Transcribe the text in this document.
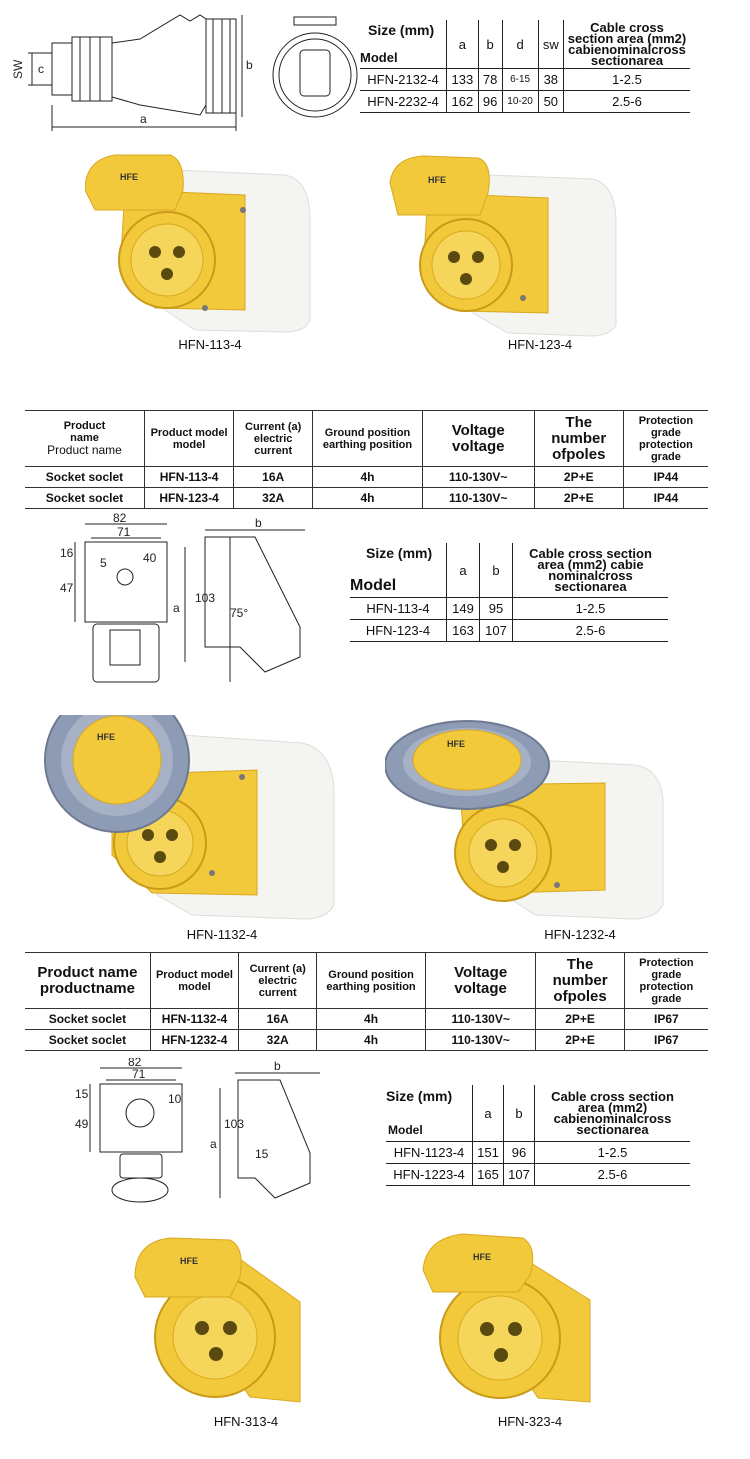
SW c
a
b
Size (mm)
Model	a	b	d	sw	Cable cross section area (mm2) cabienominalcross sectionarea
HFN-2132-4	133	78	6-15	38	1-2.5
HFN-2232-4	162	96	10-20	50	2.5-6
HFE
HFN-113-4
HFE
HFN-123-4
Product
name
Product name	Product model model	Current (a) electric current	Ground position earthing position	Voltage voltage	The number ofpoles	Protection grade protection grade
Socket soclet	HFN-113-4	16A	4h	110-130V~	2P+E	IP44
Socket soclet	HFN-123-4	32A	4h	110-130V~	2P+E	IP44
82
71
16
47
5	40
b
a
103
75°
Size (mm)
Model	a	b	Cable cross section area (mm2) cabie nominalcross sectionarea
HFN-113-4	149	95	1-2.5
HFN-123-4	163	107	2.5-6
HFE
HFN-1132-4
HFE
HFN-1232-4
Product name productname	Product model model	Current (a) electric current	Ground position earthing position	Voltage voltage	The number ofpoles	Protection grade protection grade
Socket soclet	HFN-1132-4	16A	4h	110-130V~	2P+E	IP67
Socket soclet	HFN-1232-4	32A	4h	110-130V~	2P+E	IP67
82
71
15
49
10
b
a
103
15
Size (mm)
Model	a	b	Cable cross section area (mm2) cabienominalcross sectionarea
HFN-1123-4	151	96	1-2.5
HFN-1223-4	165	107	2.5-6
HFE
HFN-313-4
HFE
HFN-323-4
